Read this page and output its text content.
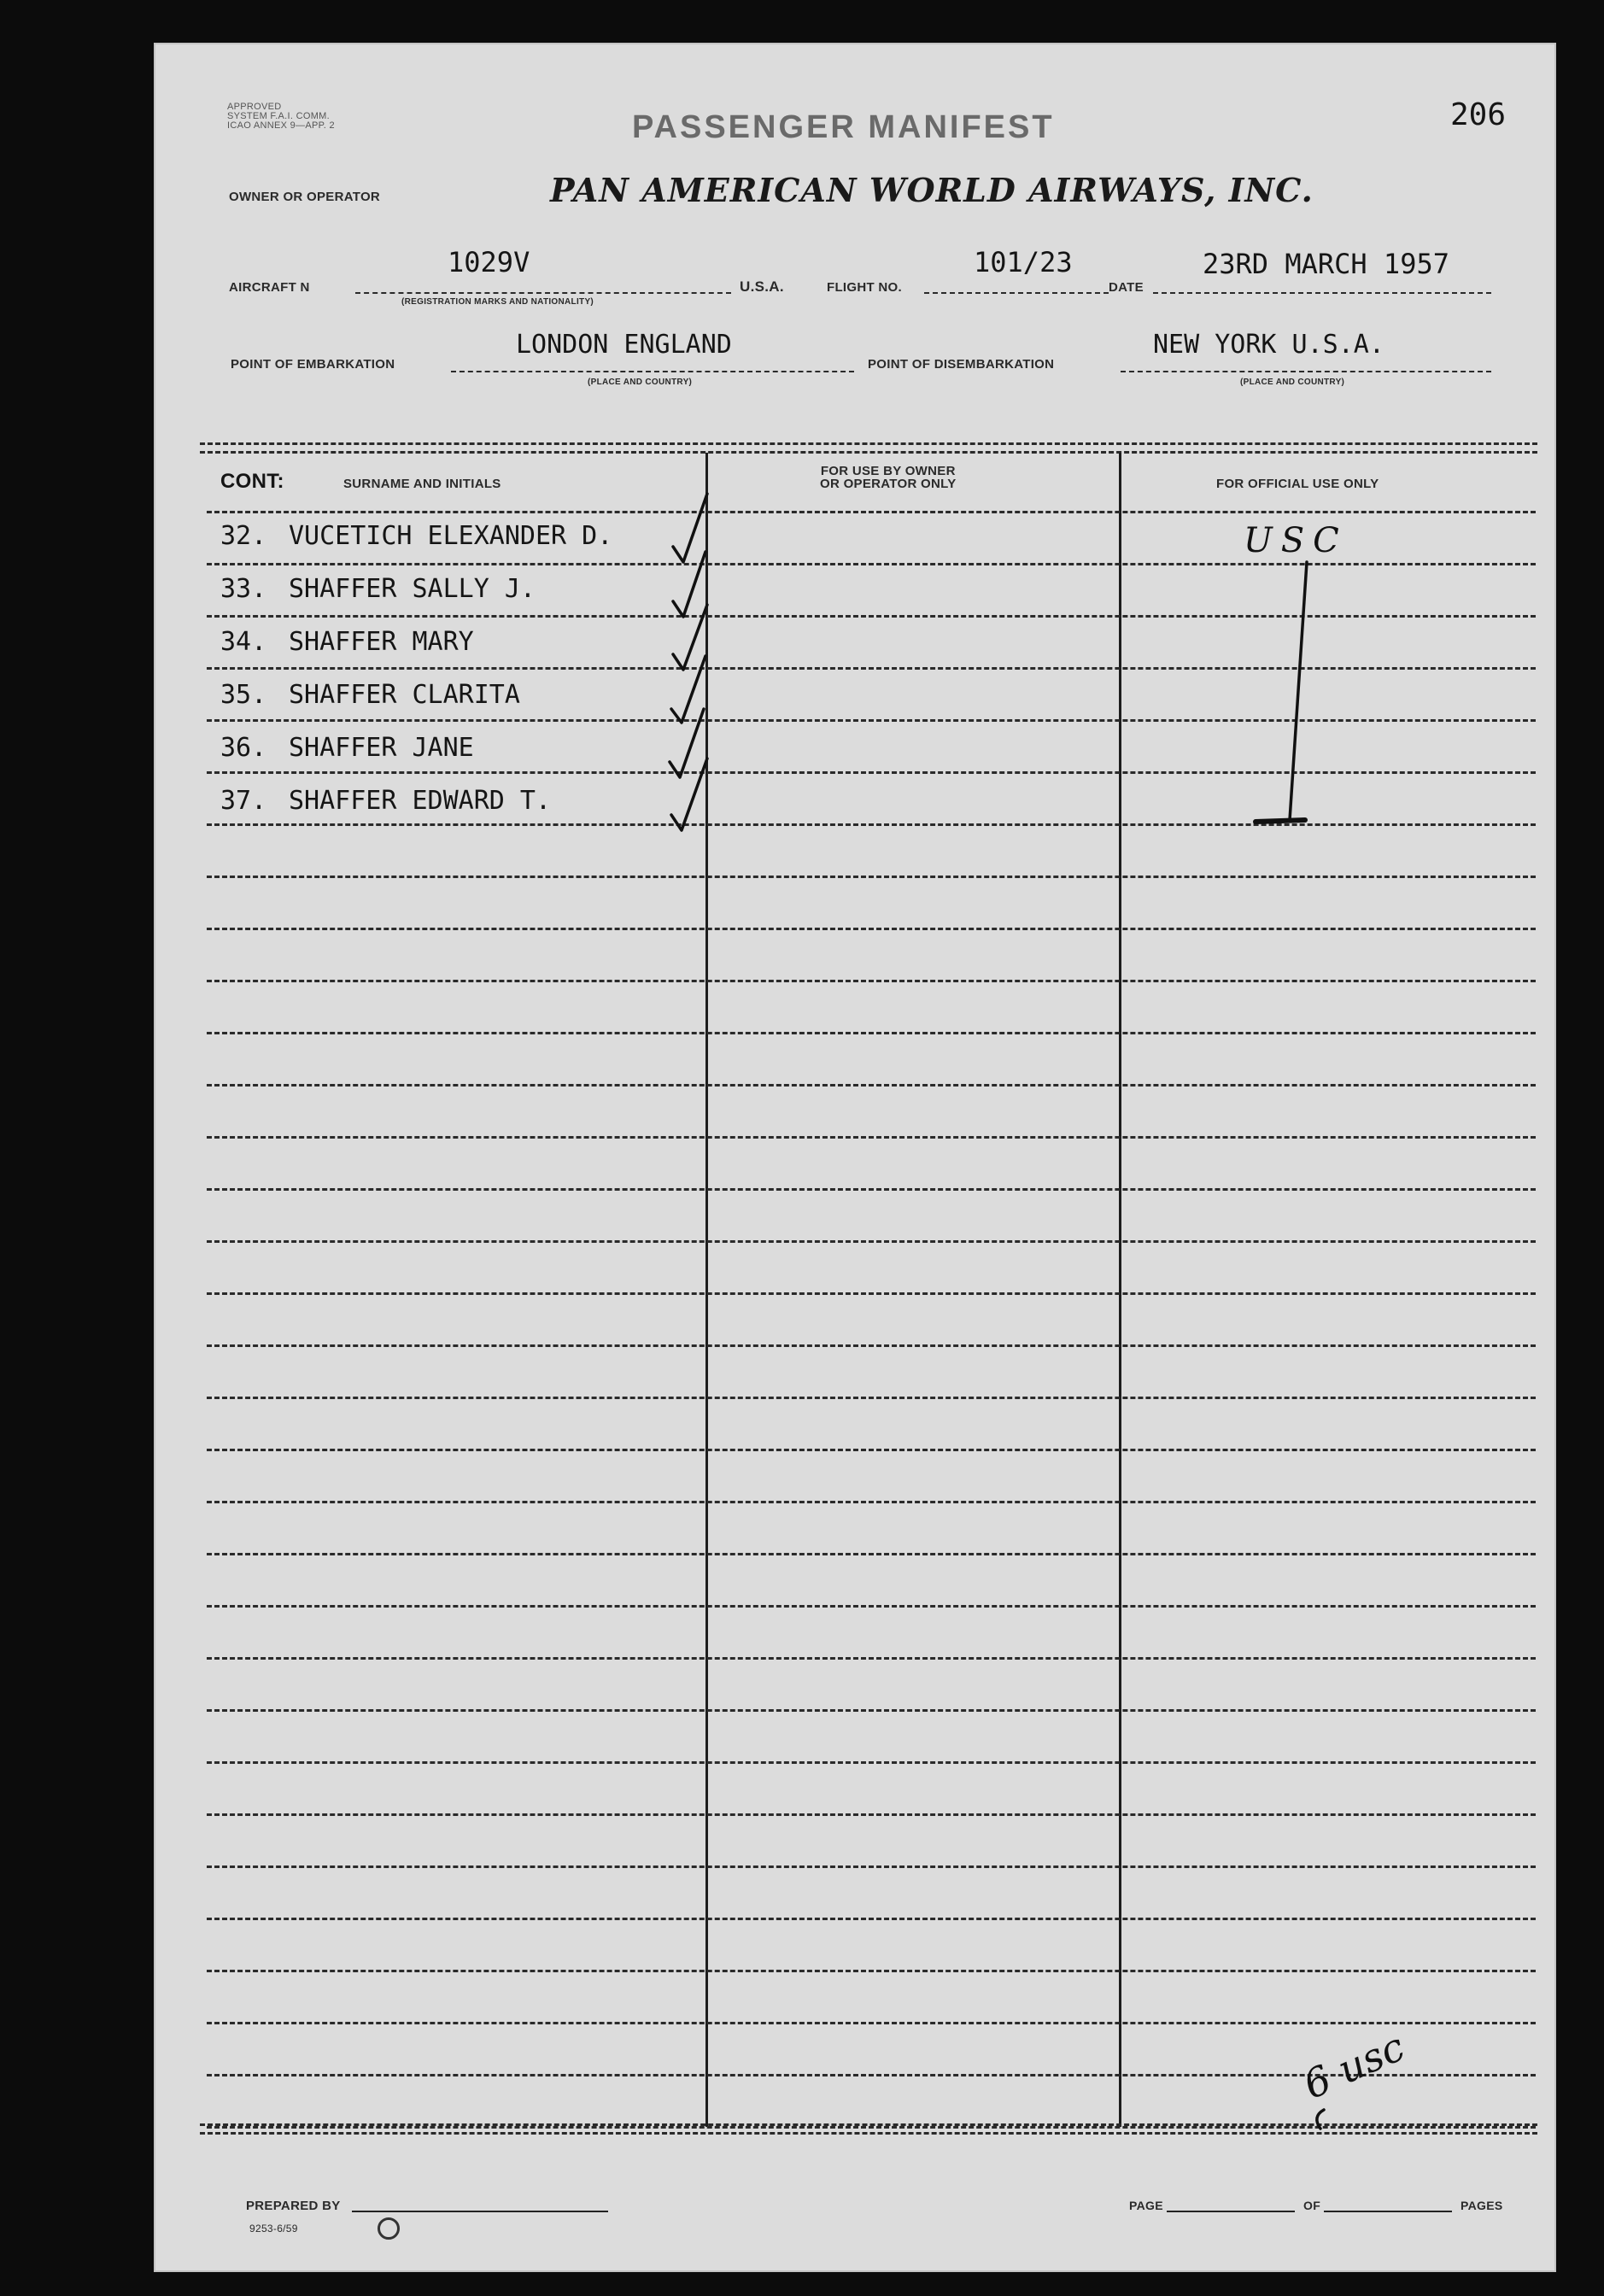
APPROVED
SYSTEM F.A.I. COMM.
ICAO ANNEX 9—APP. 2	PASSENGER MANIFEST	206
OWNER OR OPERATOR	PAN AMERICAN WORLD AIRWAYS, INC.
AIRCRAFT N
1029V
(REGISTRATION MARKS AND NATIONALITY)
U.S.A.	FLIGHT NO.
101/23
DATE
23RD MARCH 1957
POINT OF EMBARKATION
LONDON ENGLAND
(PLACE AND COUNTRY)
POINT OF DISEMBARKATION
NEW YORK U.S.A.
(PLACE AND COUNTRY)
CONT:	SURNAME AND INITIALS
FOR USE BY OWNER
OR OPERATOR ONLY	FOR OFFICIAL USE ONLY
32. VUCETICH ELEXANDER D.
33. SHAFFER SALLY J.
34. SHAFFER MARY
35. SHAFFER CLARITA
36. SHAFFER JANE
37. SHAFFER EDWARD T.
USC
6 usc
PREPARED BY
9253-6/59
PAGE	OF	PAGES
